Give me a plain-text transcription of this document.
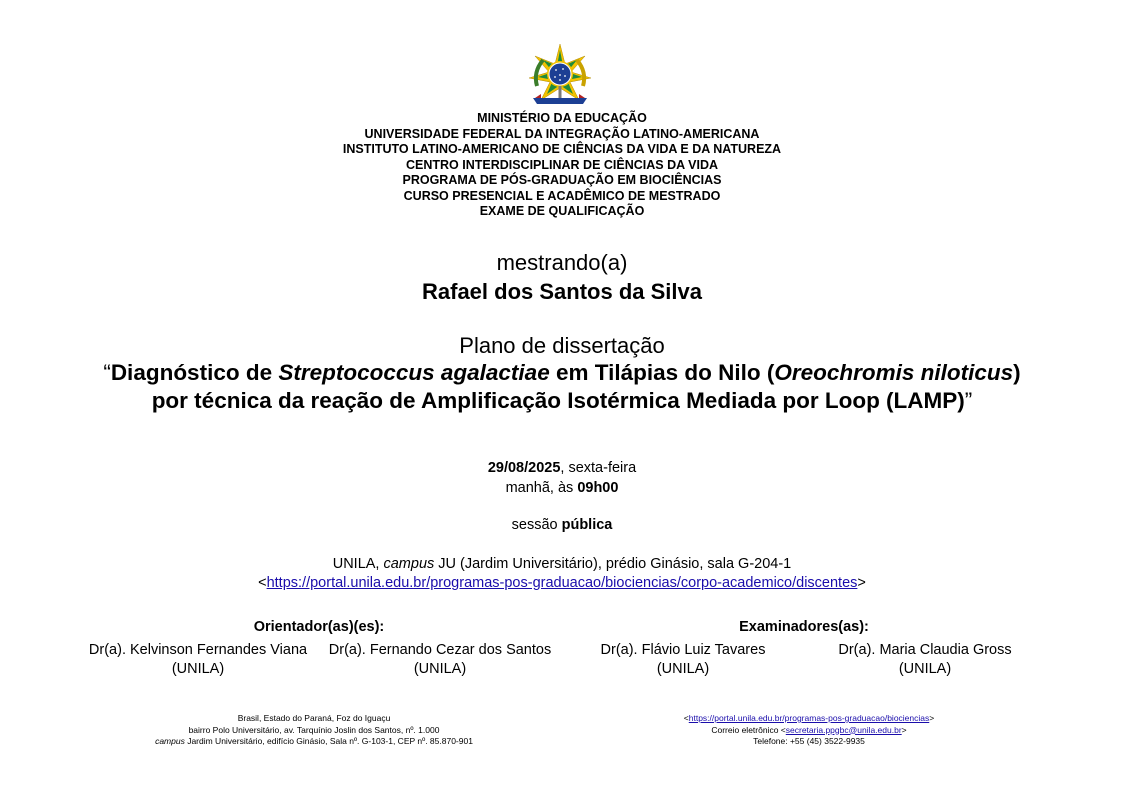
MINISTÉRIO DA EDUCAÇÃO
UNIVERSIDADE FEDERAL DA INTEGRAÇÃO LATINO-AMERICANA
INSTITUTO LATINO-AMERICANO DE CIÊNCIAS DA VIDA E DA NATUREZA
CENTRO INTERDISCIPLINAR DE CIÊNCIAS DA VIDA
PROGRAMA DE PÓS-GRADUAÇÃO EM BIOCIÊNCIAS
CURSO PRESENCIAL E ACADÊMICO DE MESTRADO
EXAME DE QUALIFICAÇÃO
mestrando(a)
Rafael dos Santos da Silva
Plano de dissertação
“Diagnóstico de Streptococcus agalactiae em Tilápias do Nilo (Oreochromis niloticus) por técnica da reação de Amplificação Isotérmica Mediada por Loop (LAMP)”
29/08/2025, sexta-feira
manhã, às 09h00
sessão pública
UNILA, campus JU (Jardim Universitário), prédio Ginásio, sala G-204-1
<https://portal.unila.edu.br/programas-pos-graduacao/biociencias/corpo-academico/discentes>
Orientador(as)(es):	Examinadores(as):
Dr(a). Kelvinson Fernandes Viana
(UNILA)
Dr(a). Fernando Cezar dos Santos
(UNILA)
Dr(a). Flávio Luiz Tavares
(UNILA)
Dr(a). Maria Claudia Gross
(UNILA)
Brasil, Estado do Paraná, Foz do Iguaçu
bairro Polo Universitário, av. Tarquínio Joslin dos Santos, nº. 1.000
campus Jardim Universitário, edifício Ginásio, Sala nº. G-103-1, CEP nº. 85.870-901
<https://portal.unila.edu.br/programas-pos-graduacao/biociencias>
Correio eletrônico <secretaria.ppgbc@unila.edu.br>
Telefone: +55 (45) 3522-9935
